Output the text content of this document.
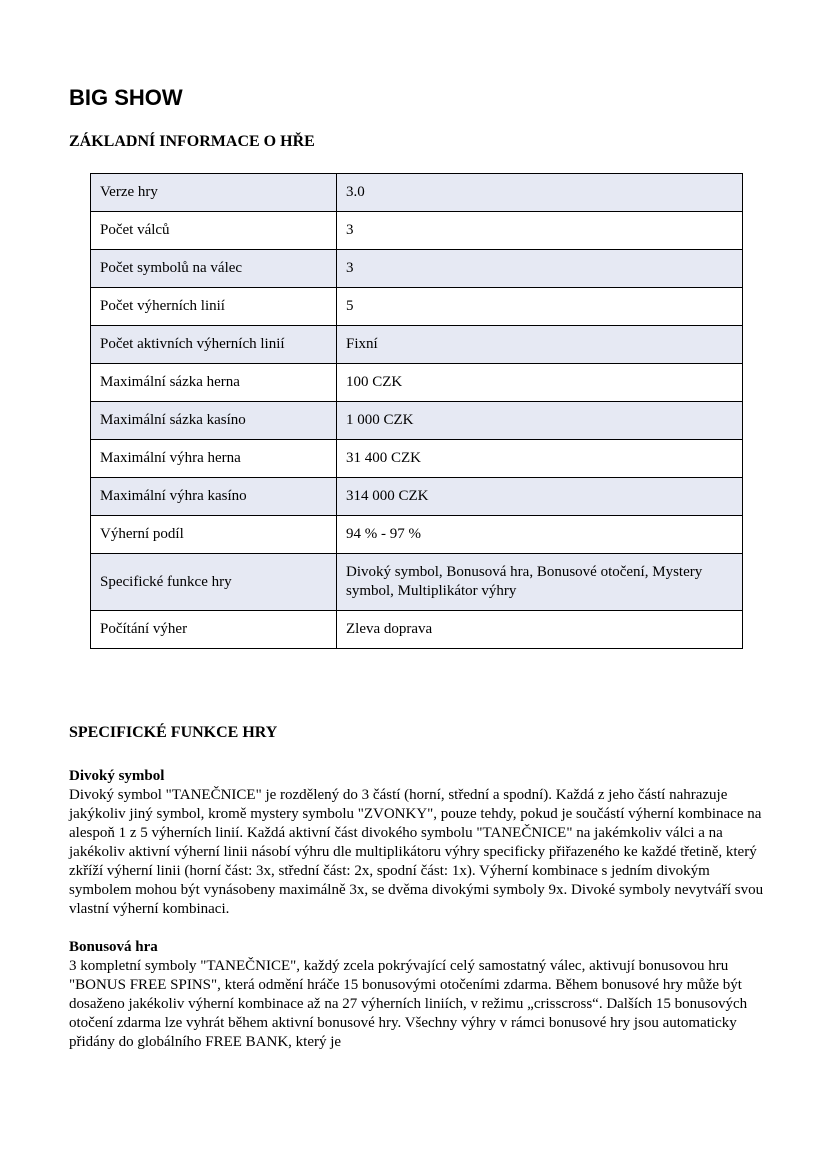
BIG SHOW
ZÁKLADNÍ INFORMACE O HŘE
Verze hry	3.0
Počet válců	3
Počet symbolů na válec	3
Počet výherních linií	5
Počet aktivních výherních linií	Fixní
Maximální sázka herna	100 CZK
Maximální sázka kasíno	1 000 CZK
Maximální výhra herna	31 400 CZK
Maximální výhra kasíno	314 000 CZK
Výherní podíl	94 % - 97 %
Specifické funkce hry	Divoký symbol, Bonusová hra, Bonusové otočení, Mystery symbol, Multiplikátor výhry
Počítání výher	Zleva doprava
SPECIFICKÉ FUNKCE HRY
Divoký symbol

Divoký symbol "TANEČNICE" je rozdělený do 3 částí (horní, střední a spodní). Každá z jeho částí nahrazuje jakýkoliv jiný symbol, kromě mystery symbolu "ZVONKY", pouze tehdy, pokud je součástí výherní kombinace na alespoň 1 z 5 výherních linií. Každá aktivní část divokého symbolu "TANEČNICE" na jakémkoliv válci a na jakékoliv aktivní výherní linii násobí výhru dle multiplikátoru výhry specificky přiřazeného ke každé třetině, který zkříží výherní linii (horní část: 3x, střední část: 2x, spodní část: 1x). Výherní kombinace s jedním divokým symbolem mohou být vynásobeny maximálně 3x, se dvěma divokými symboly 9x. Divoké symboly nevytváří svou vlastní výherní kombinaci.

Bonusová hra

3 kompletní symboly "TANEČNICE", každý zcela pokrývající celý samostatný válec, aktivují bonusovou hru "BONUS FREE SPINS", která odmění hráče 15 bonusovými otočeními zdarma. Během bonusové hry může být dosaženo jakékoliv výherní kombinace až na 27 výherních liniích, v režimu „crisscross“. Dalších 15 bonusových otočení zdarma lze vyhrát během aktivní bonusové hry. Všechny výhry v rámci bonusové hry jsou automaticky přidány do globálního FREE BANK, který je
